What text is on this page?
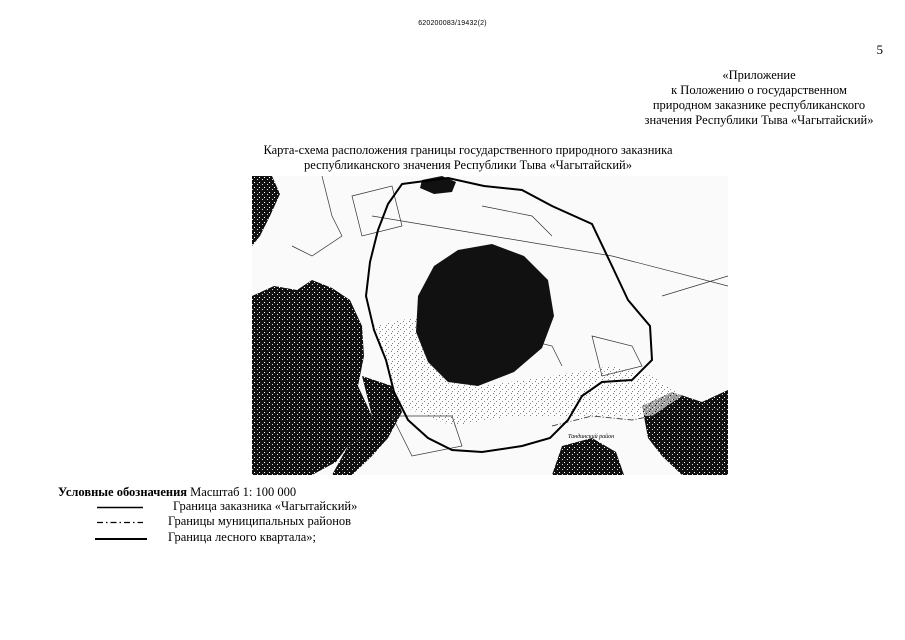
620200083/19432(2)
5
«Приложение
к Положению о государственном
природном заказнике республиканского
значения Республики Тыва «Чагытайский»
Карта-схема расположения границы государственного природного заказника
республиканского значения Республики Тыва «Чагытайский»
Тандинский район
Условные обозначения Масштаб 1: 100 000
Граница заказника «Чагытайский»
Границы муниципальных районов
Граница лесного квартала»;
